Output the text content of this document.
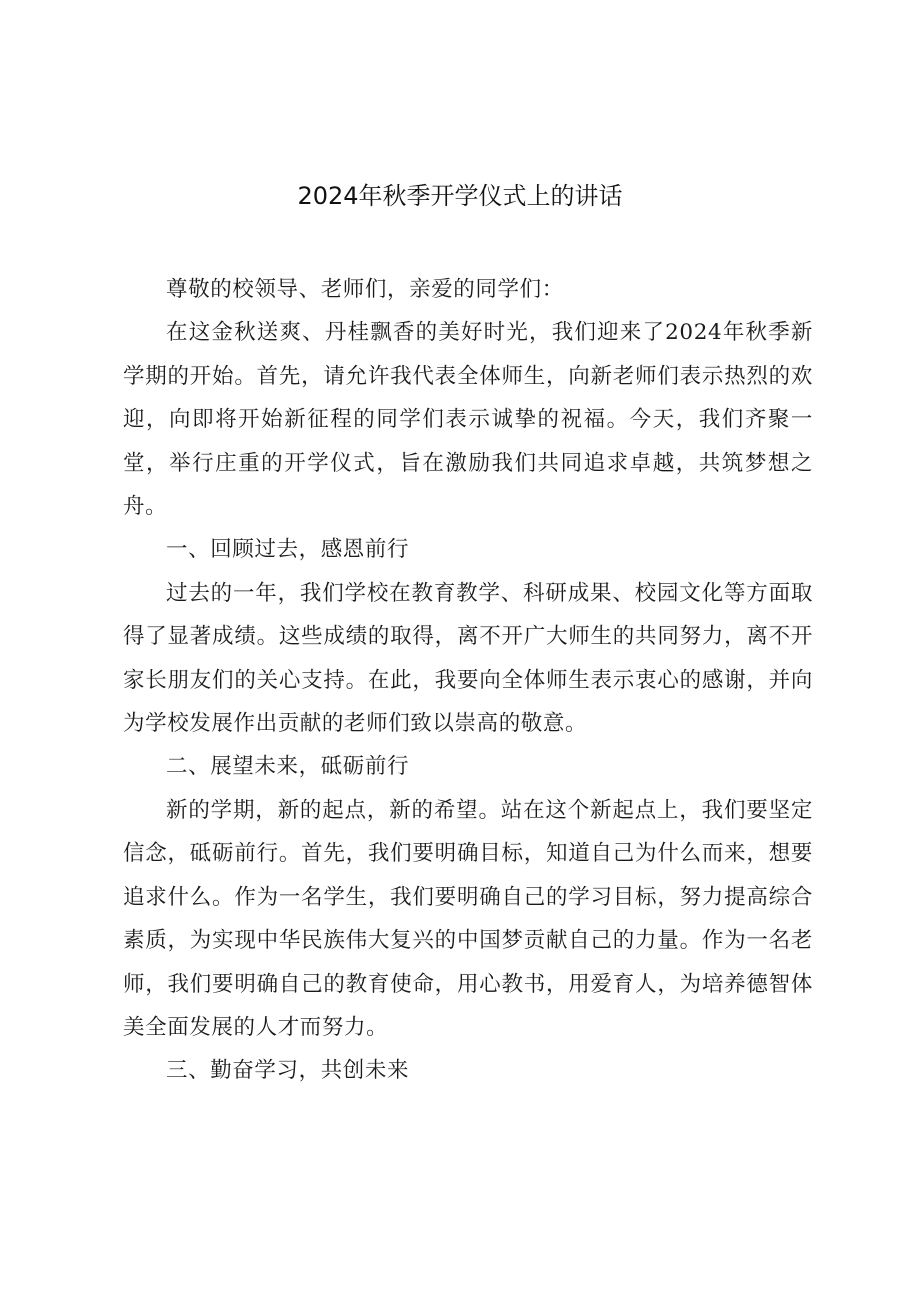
2024年秋季开学仪式上的讲话

尊敬的校领导、老师们，亲爱的同学们：

在这金秋送爽、丹桂飘香的美好时光，我们迎来了2024年秋季新学期的开始。首先，请允许我代表全体师生，向新老师们表示热烈的欢迎，向即将开始新征程的同学们表示诚挚的祝福。今天，我们齐聚一堂，举行庄重的开学仪式，旨在激励我们共同追求卓越，共筑梦想之舟。

一、回顾过去，感恩前行

过去的一年，我们学校在教育教学、科研成果、校园文化等方面取得了显著成绩。这些成绩的取得，离不开广大师生的共同努力，离不开家长朋友们的关心支持。在此，我要向全体师生表示衷心的感谢，并向为学校发展作出贡献的老师们致以崇高的敬意。

二、展望未来，砥砺前行

新的学期，新的起点，新的希望。站在这个新起点上，我们要坚定信念，砥砺前行。首先，我们要明确目标，知道自己为什么而来，想要追求什么。作为一名学生，我们要明确自己的学习目标，努力提高综合素质，为实现中华民族伟大复兴的中国梦贡献自己的力量。作为一名老师，我们要明确自己的教育使命，用心教书，用爱育人，为培养德智体美全面发展的人才而努力。

三、勤奋学习，共创未来
